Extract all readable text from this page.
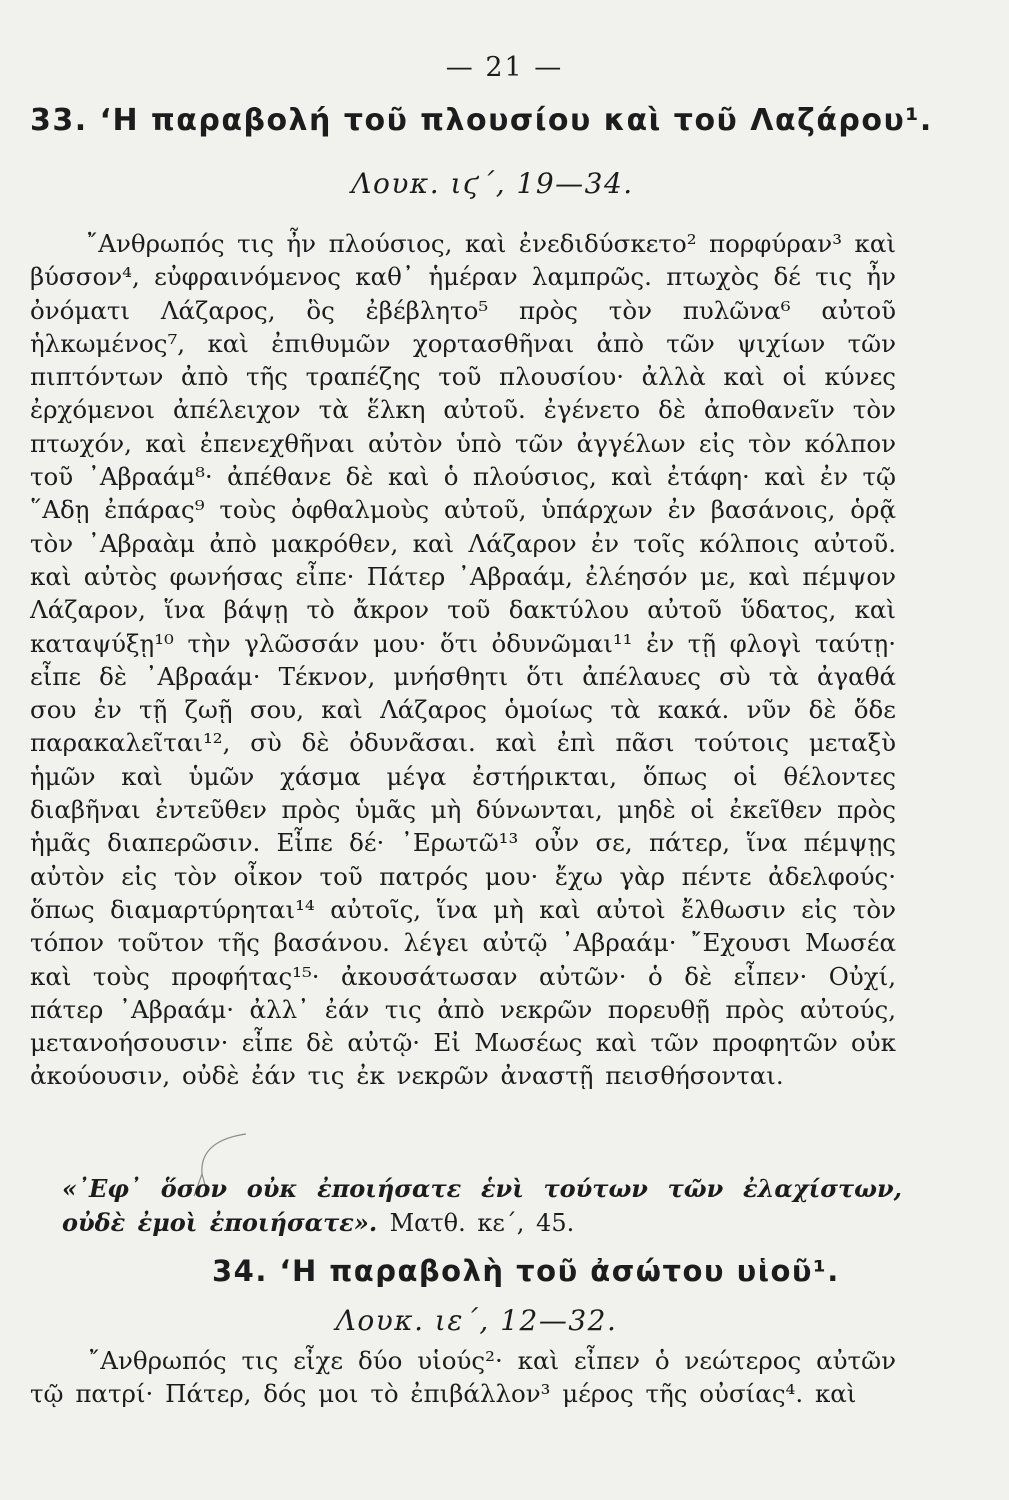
— 21 —
33. ‘Η παραβολή τοῦ πλουσίου καὶ τοῦ Λαζάρου¹.
Λουκ. ιϛ΄, 19—34.
῎Ανθρωπός τις ἦν πλούσιος, καὶ ἐνεδιδύσκετο² πορφύραν³ καὶ βύσσον⁴, εὐφραινόμενος καθ᾽ ἡμέραν λαμπρῶς. πτωχὸς δέ τις ἦν ὀνόματι Λάζαρος, ὃς ἐβέβλητο⁵ πρὸς τὸν πυλῶνα⁶ αὐτοῦ ἡλκωμένος⁷, καὶ ἐπιθυμῶν χορτασθῆναι ἀπὸ τῶν ψιχίων τῶν πιπτόντων ἀπὸ τῆς τραπέζης τοῦ πλουσίου· ἀλλὰ καὶ οἱ κύνες ἐρχόμενοι ἀπέλειχον τὰ ἕλκη αὐτοῦ. ἐγένετο δὲ ἀποθανεῖν τὸν πτωχόν, καὶ ἐπενεχθῆναι αὐτὸν ὑπὸ τῶν ἀγγέλων εἰς τὸν κόλπον τοῦ ᾿Αβραάμ⁸· ἀπέθανε δὲ καὶ ὁ πλούσιος, καὶ ἐτάφη· καὶ ἐν τῷ ῞Αδῃ ἐπάρας⁹ τοὺς ὀφθαλμοὺς αὐτοῦ, ὑπάρχων ἐν βασάνοις, ὁρᾷ τὸν ᾿Αβραὰμ ἀπὸ μακρόθεν, καὶ Λάζαρον ἐν τοῖς κόλποις αὐτοῦ. καὶ αὐτὸς φωνήσας εἶπε· Πάτερ ᾿Αβραάμ, ἐλέησόν με, καὶ πέμψον Λάζαρον, ἵνα βάψῃ τὸ ἄκρον τοῦ δακτύλου αὐτοῦ ὕδατος, καὶ καταψύξῃ¹⁰ τὴν γλῶσσάν μου· ὅτι ὀδυνῶμαι¹¹ ἐν τῇ φλογὶ ταύτῃ· εἶπε δὲ ᾿Αβραάμ· Τέκνον, μνήσθητι ὅτι ἀπέλαυες σὺ τὰ ἀγαθά σου ἐν τῇ ζωῇ σου, καὶ Λάζαρος ὁμοίως τὰ κακά. νῦν δὲ ὅδε παρακαλεῖται¹², σὺ δὲ ὀδυνᾶσαι. καὶ ἐπὶ πᾶσι τούτοις μεταξὺ ἡμῶν καὶ ὑμῶν χάσμα μέγα ἐστήρικται, ὅπως οἱ θέλοντες διαβῆναι ἐντεῦθεν πρὸς ὑμᾶς μὴ δύνωνται, μηδὲ οἱ ἐκεῖθεν πρὸς ἡμᾶς διαπερῶσιν. Εἶπε δέ· ᾿Ερωτῶ¹³ οὖν σε, πάτερ, ἵνα πέμψῃς αὐτὸν εἰς τὸν οἶκον τοῦ πατρός μου· ἔχω γὰρ πέντε ἀδελφούς· ὅπως διαμαρτύρηται¹⁴ αὐτοῖς, ἵνα μὴ καὶ αὐτοὶ ἔλθωσιν εἰς τὸν τόπον τοῦτον τῆς βασάνου. λέγει αὐτῷ ᾿Αβραάμ· ῎Εχουσι Μωσέα καὶ τοὺς προφήτας¹⁵· ἀκουσάτωσαν αὐτῶν· ὁ δὲ εἶπεν· Οὐχί, πάτερ ᾿Αβραάμ· ἀλλ᾽ ἐάν τις ἀπὸ νεκρῶν πορευθῇ πρὸς αὐτούς, μετανοήσουσιν· εἶπε δὲ αὐτῷ· Εἰ Μωσέως καὶ τῶν προφητῶν οὐκ ἀκούουσιν, οὐδὲ ἐάν τις ἐκ νεκρῶν ἀναστῇ πεισθήσονται.
«᾿Εφ᾽ ὅσον οὐκ ἐποιήσατε ἑνὶ τούτων τῶν ἐλαχίστων, οὐδὲ ἐμοὶ ἐποιήσατε». Ματθ. κε΄, 45.
34. ‘Η παραβολὴ τοῦ ἀσώτου υἱοῦ¹.
Λουκ. ιε΄, 12—32.
῎Ανθρωπός τις εἶχε δύο υἱούς²· καὶ εἶπεν ὁ νεώτερος αὐτῶν τῷ πατρί· Πάτερ, δός μοι τὸ ἐπιβάλλον³ μέρος τῆς οὐσίας⁴. καὶ
